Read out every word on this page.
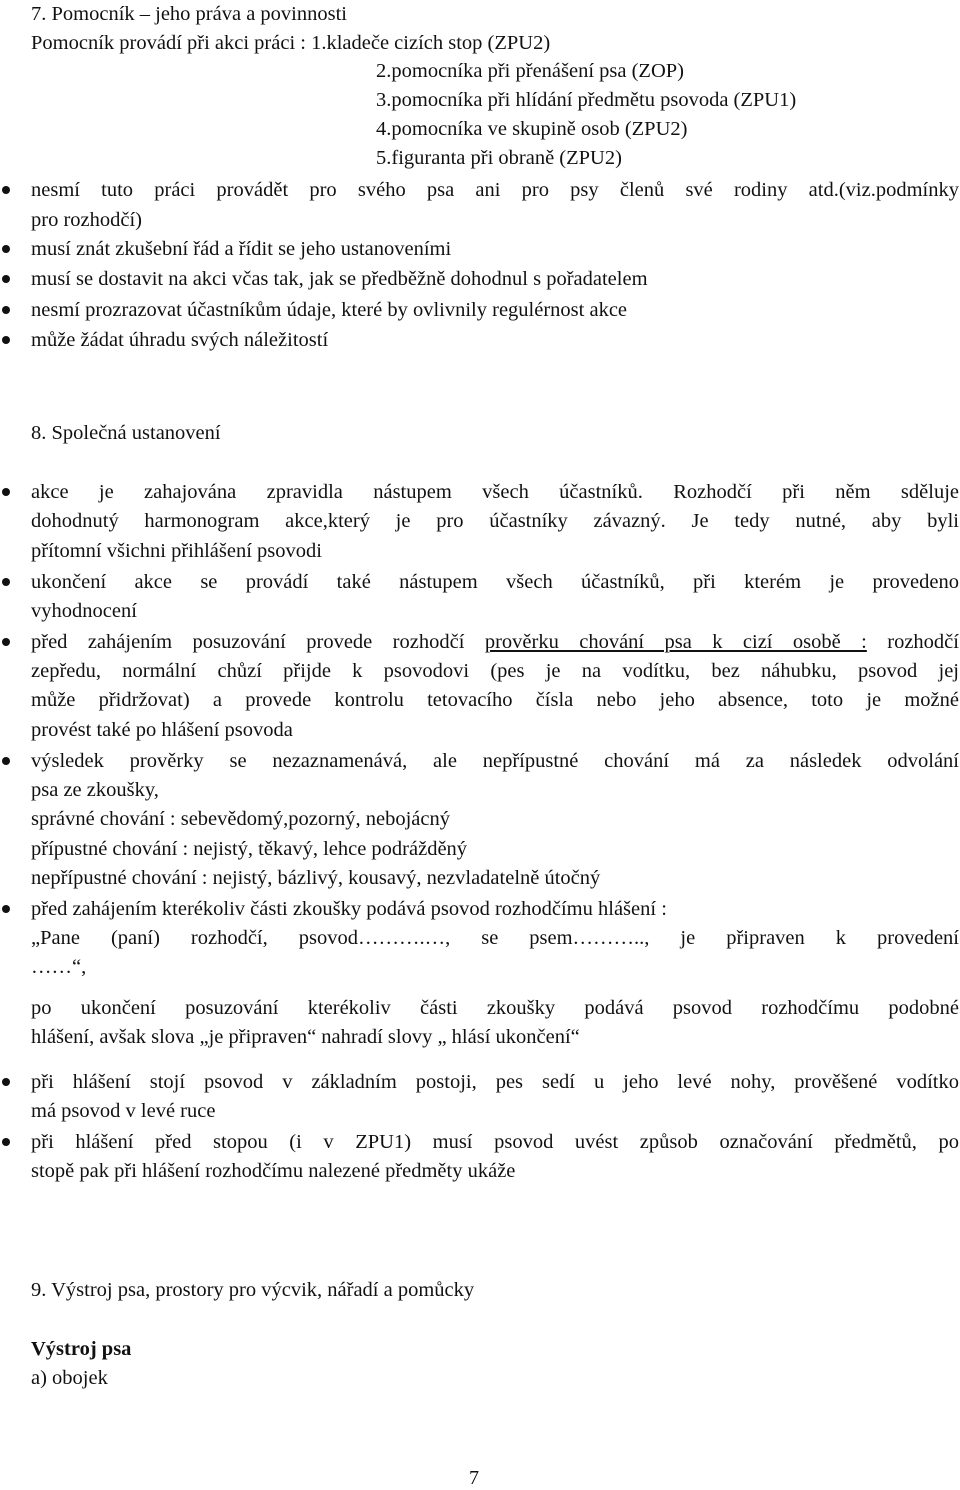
7. Pomocník – jeho práva a povinnosti
Pomocník provádí při akci práci : 1.kladeče cizích stop (ZPU2)
2.pomocníka při přenášení psa (ZOP)
3.pomocníka při hlídání předmětu psovoda (ZPU1)
4.pomocníka ve skupině osob (ZPU2)
5.figuranta při obraně (ZPU2)
nesmí tuto práci provádět pro svého psa ani pro psy členů své rodiny atd.(viz.podmínky
pro rozhodčí)
musí znát zkušební řád a řídit se jeho ustanoveními
musí se dostavit na akci včas tak, jak se předběžně dohodnul s pořadatelem
nesmí prozrazovat účastníkům údaje, které by ovlivnily regulérnost akce
může žádat úhradu svých náležitostí
8. Společná ustanovení
akce je zahajována zpravidla nástupem všech účastníků. Rozhodčí při něm sděluje
dohodnutý harmonogram akce,který je pro účastníky závazný. Je tedy nutné, aby byli
přítomní všichni přihlášení psovodi
ukončení akce se provádí také nástupem všech účastníků, při kterém je provedeno
vyhodnocení
před zahájením posuzování provede rozhodčí prověrku chování psa k cizí osobě : rozhodčí
zepředu, normální chůzí přijde k psovodovi (pes je na vodítku, bez náhubku, psovod jej
může přidržovat) a provede kontrolu tetovacího čísla nebo jeho absence, toto je možné
provést také po hlášení psovoda
výsledek prověrky se nezaznamenává, ale nepřípustné chování má za následek odvolání
psa ze zkoušky,
správné chování : sebevědomý,pozorný, nebojácný
přípustné chování : nejistý, těkavý, lehce podrážděný
nepřípustné chování : nejistý, bázlivý, kousavý, nezvladatelně útočný
před zahájením kterékoliv části zkoušky podává psovod rozhodčímu hlášení :
„Pane (paní) rozhodčí, psovod……….…, se psem……….., je připraven k provedení
……“,
po ukončení posuzování kterékoliv části zkoušky podává psovod rozhodčímu podobné
hlášení, avšak slova „je připraven“ nahradí slovy „ hlásí ukončení“
při hlášení stojí psovod v základním postoji, pes sedí u jeho levé nohy, prověšené vodítko
má psovod v levé ruce
při hlášení před stopou (i v ZPU1) musí psovod uvést způsob označování předmětů, po
stopě pak při hlášení rozhodčímu nalezené předměty ukáže
9. Výstroj psa, prostory pro výcvik, nářadí a pomůcky
Výstroj psa
a) obojek
7
